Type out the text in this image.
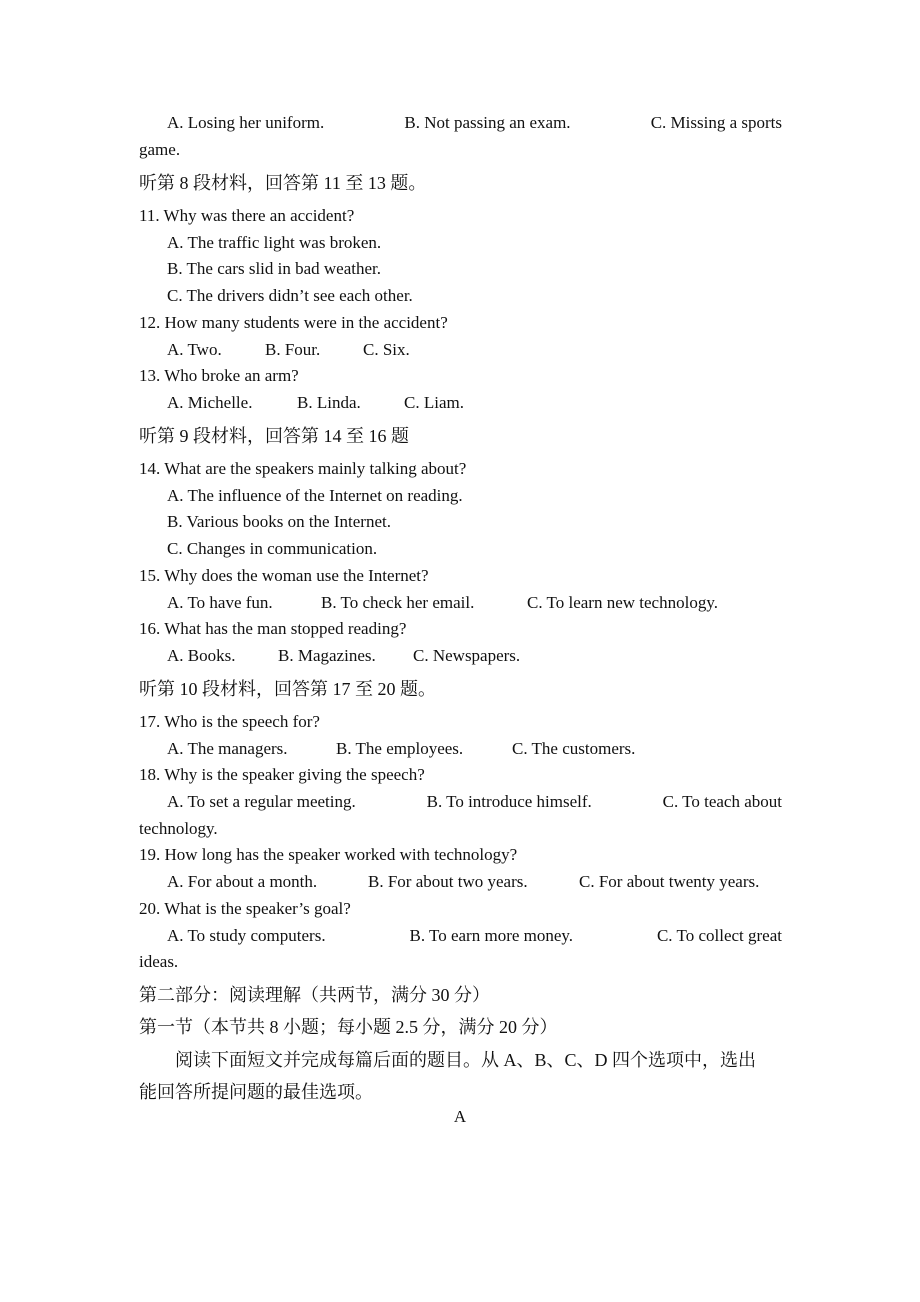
A. Losing her uniform.	B. Not passing an exam.	C. Missing a sports
game.
听第 8 段材料，回答第 11 至 13 题。
11. Why was there an accident?
A. The traffic light was broken.
B. The cars slid in bad weather.
C. The drivers didn’t see each other.
12. How many students were in the accident?
A. Two.	B. Four.	C. Six.
13. Who broke an arm?
A. Michelle.	B. Linda.	C. Liam.
听第 9 段材料，回答第 14 至 16 题
14. What are the speakers mainly talking about?
A. The influence of the Internet on reading.
B. Various books on the Internet.
C. Changes in communication.
15. Why does the woman use the Internet?
A. To have fun.	B. To check her email.	C. To learn new technology.
16. What has the man stopped reading?
A. Books.	B. Magazines.	C. Newspapers.
听第 10 段材料，回答第 17 至 20 题。
17. Who is the speech for?
A. The managers.	B. The employees.	C. The customers.
18. Why is the speaker giving the speech?
A. To set a regular meeting.	B. To introduce himself.	C. To teach about
technology.
19. How long has the speaker worked with technology?
A. For about a month.	B. For about two years.	C. For about twenty years.
20. What is the speaker’s goal?
A. To study computers.	B. To earn more money.	C. To collect great
ideas.
第二部分：阅读理解（共两节，满分 30 分）
第一节（本节共 8 小题；每小题 2.5 分，满分 20 分）
阅读下面短文并完成每篇后面的题目。从 A、B、C、D 四个选项中，选出
能回答所提问题的最佳选项。
A
